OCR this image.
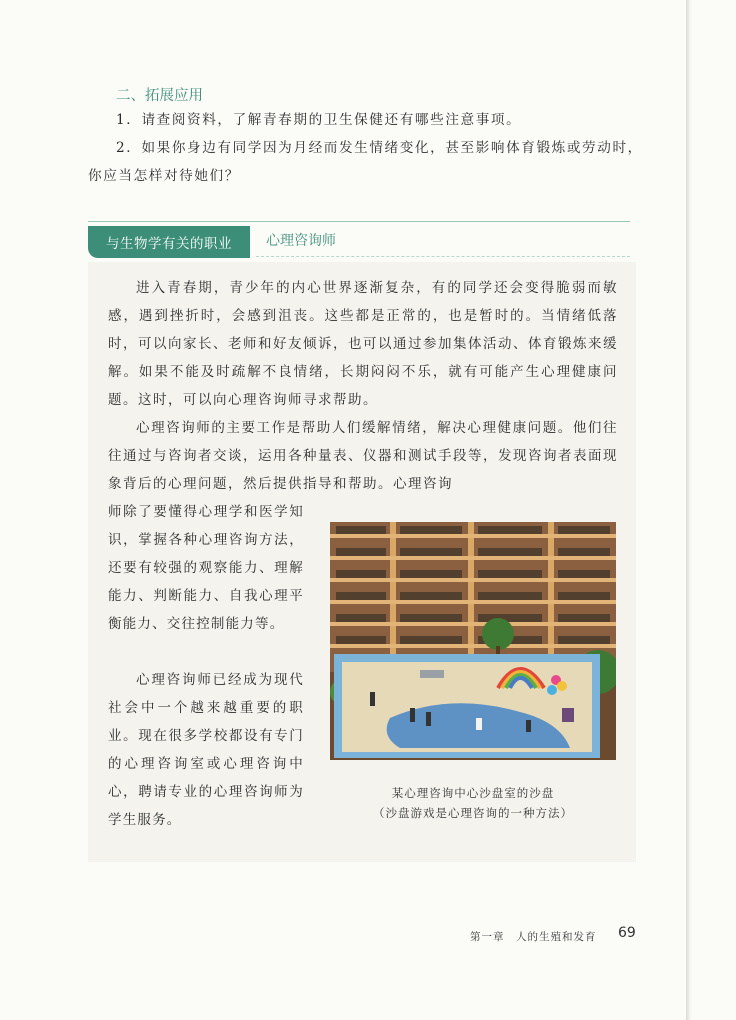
二、拓展应用
1．请查阅资料，了解青春期的卫生保健还有哪些注意事项。
2．如果你身边有同学因为月经而发生情绪变化，甚至影响体育锻炼或劳动时，你应当怎样对待她们？
与生物学有关的职业	心理咨询师
进入青春期，青少年的内心世界逐渐复杂，有的同学还会变得脆弱而敏感，遇到挫折时，会感到沮丧。这些都是正常的，也是暂时的。当情绪低落时，可以向家长、老师和好友倾诉，也可以通过参加集体活动、体育锻炼来缓解。如果不能及时疏解不良情绪，长期闷闷不乐，就有可能产生心理健康问题。这时，可以向心理咨询师寻求帮助。
心理咨询师的主要工作是帮助人们缓解情绪，解决心理健康问题。他们往往通过与咨询者交谈，运用各种量表、仪器和测试手段等，发现咨询者表面现象背后的心理问题，然后提供指导和帮助。心理咨询
师除了要懂得心理学和医学知识，掌握各种心理咨询方法，还要有较强的观察能力、理解能力、判断能力、自我心理平衡能力、交往控制能力等。
心理咨询师已经成为现代社会中一个越来越重要的职业。现在很多学校都设有专门的心理咨询室或心理咨询中心，聘请专业的心理咨询师为学生服务。
某心理咨询中心沙盘室的沙盘
（沙盘游戏是心理咨询的一种方法）
第一章　人的生殖和发育 69
